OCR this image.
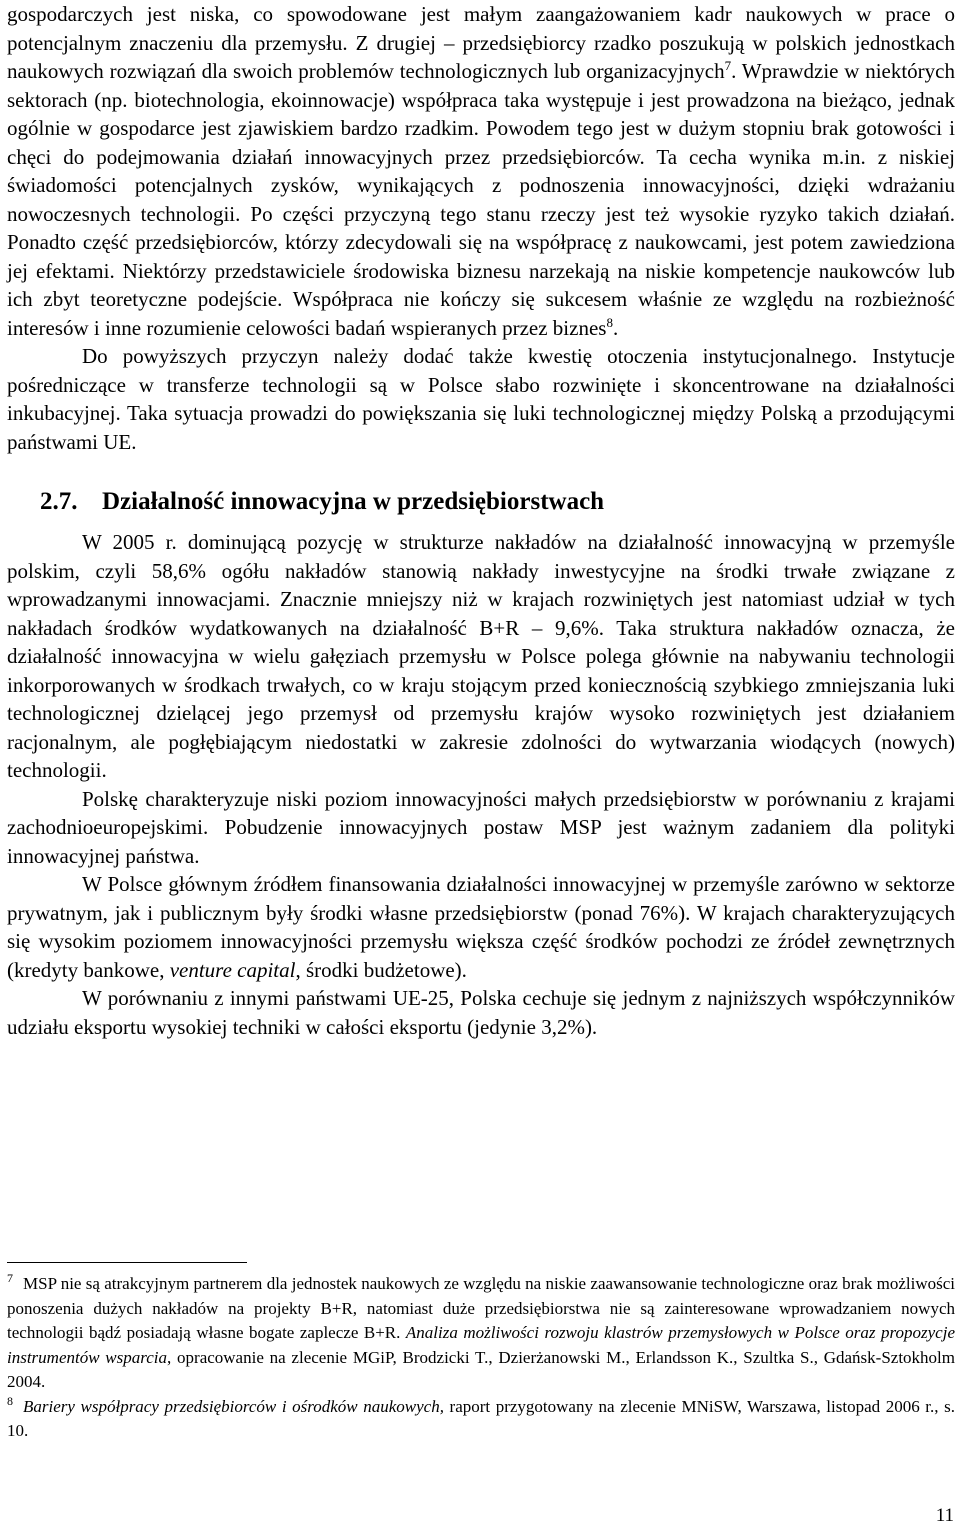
gospodarczych jest niska, co spowodowane jest małym zaangażowaniem kadr naukowych w prace o potencjalnym znaczeniu dla przemysłu. Z drugiej – przedsiębiorcy rzadko poszukują w polskich jednostkach naukowych rozwiązań dla swoich problemów technologicznych lub organizacyjnych$^7$. Wprawdzie w niektórych sektorach (np. biotechnologia, ekoinnowacje) współpraca taka występuje i jest prowadzona na bieżąco, jednak ogólnie w gospodarce jest zjawiskiem bardzo rzadkim. Powodem tego jest w dużym stopniu brak gotowości i chęci do podejmowania działań innowacyjnych przez przedsiębiorców. Ta cecha wynika m.in. z niskiej świadomości potencjalnych zysków, wynikających z podnoszenia innowacyjności, dzięki wdrażaniu nowoczesnych technologii. Po części przyczyną tego stanu rzeczy jest też wysokie ryzyko takich działań. Ponadto część przedsiębiorców, którzy zdecydowali się na współpracę z naukowcami, jest potem zawiedziona jej efektami. Niektórzy przedstawiciele środowiska biznesu narzekają na niskie kompetencje naukowców lub ich zbyt teoretyczne podejście. Współpraca nie kończy się sukcesem właśnie ze względu na rozbieżność interesów i inne rozumienie celowości badań wspieranych przez biznes$^8$.

Do powyższych przyczyn należy dodać także kwestię otoczenia instytucjonalnego. Instytucje pośredniczące w transferze technologii są w Polsce słabo rozwinięte i skoncentrowane na działalności inkubacyjnej. Taka sytuacja prowadzi do powiększania się luki technologicznej między Polską a przodującymi państwami UE.

2.7. Działalność innowacyjna w przedsiębiorstwach

W 2005 r. dominującą pozycję w strukturze nakładów na działalność innowacyjną w przemyśle polskim, czyli 58,6% ogółu nakładów stanowią nakłady inwestycyjne na środki trwałe związane z wprowadzanymi innowacjami. Znacznie mniejszy niż w krajach rozwiniętych jest natomiast udział w tych nakładach środków wydatkowanych na działalność B+R – 9,6%. Taka struktura nakładów oznacza, że działalność innowacyjna w wielu gałęziach przemysłu w Polsce polega głównie na nabywaniu technologii inkorporowanych w środkach trwałych, co w kraju stojącym przed koniecznością szybkiego zmniejszania luki technologicznej dzielącej jego przemysł od przemysłu krajów wysoko rozwiniętych jest działaniem racjonalnym, ale pogłębiającym niedostatki w zakresie zdolności do wytwarzania wiodących (nowych) technologii.

Polskę charakteryzuje niski poziom innowacyjności małych przedsiębiorstw w porównaniu z krajami zachodnioeuropejskimi. Pobudzenie innowacyjnych postaw MSP jest ważnym zadaniem dla polityki innowacyjnej państwa.

W Polsce głównym źródłem finansowania działalności innowacyjnej w przemyśle zarówno w sektorze prywatnym, jak i publicznym były środki własne przedsiębiorstw (ponad 76%). W krajach charakteryzujących się wysokim poziomem innowacyjności przemysłu większa część środków pochodzi ze źródeł zewnętrznych (kredyty bankowe, venture capital, środki budżetowe).

W porównaniu z innymi państwami UE-25, Polska cechuje się jednym z najniższych współczynników udziału eksportu wysokiej techniki w całości eksportu (jedynie 3,2%).

$^7$ MSP nie są atrakcyjnym partnerem dla jednostek naukowych ze względu na niskie zaawansowanie technologiczne oraz brak możliwości ponoszenia dużych nakładów na projekty B+R, natomiast duże przedsiębiorstwa nie są zainteresowane wprowadzaniem nowych technologii bądź posiadają własne bogate zaplecze B+R. Analiza możliwości rozwoju klastrów przemysłowych w Polsce oraz propozycje instrumentów wsparcia, opracowanie na zlecenie MGiP, Brodzicki T., Dzierżanowski M., Erlandsson K., Szultka S., Gdańsk-Sztokholm 2004.

$^8$ Bariery współpracy przedsiębiorców i ośrodków naukowych, raport przygotowany na zlecenie MNiSW, Warszawa, listopad 2006 r., s. 10.

11
